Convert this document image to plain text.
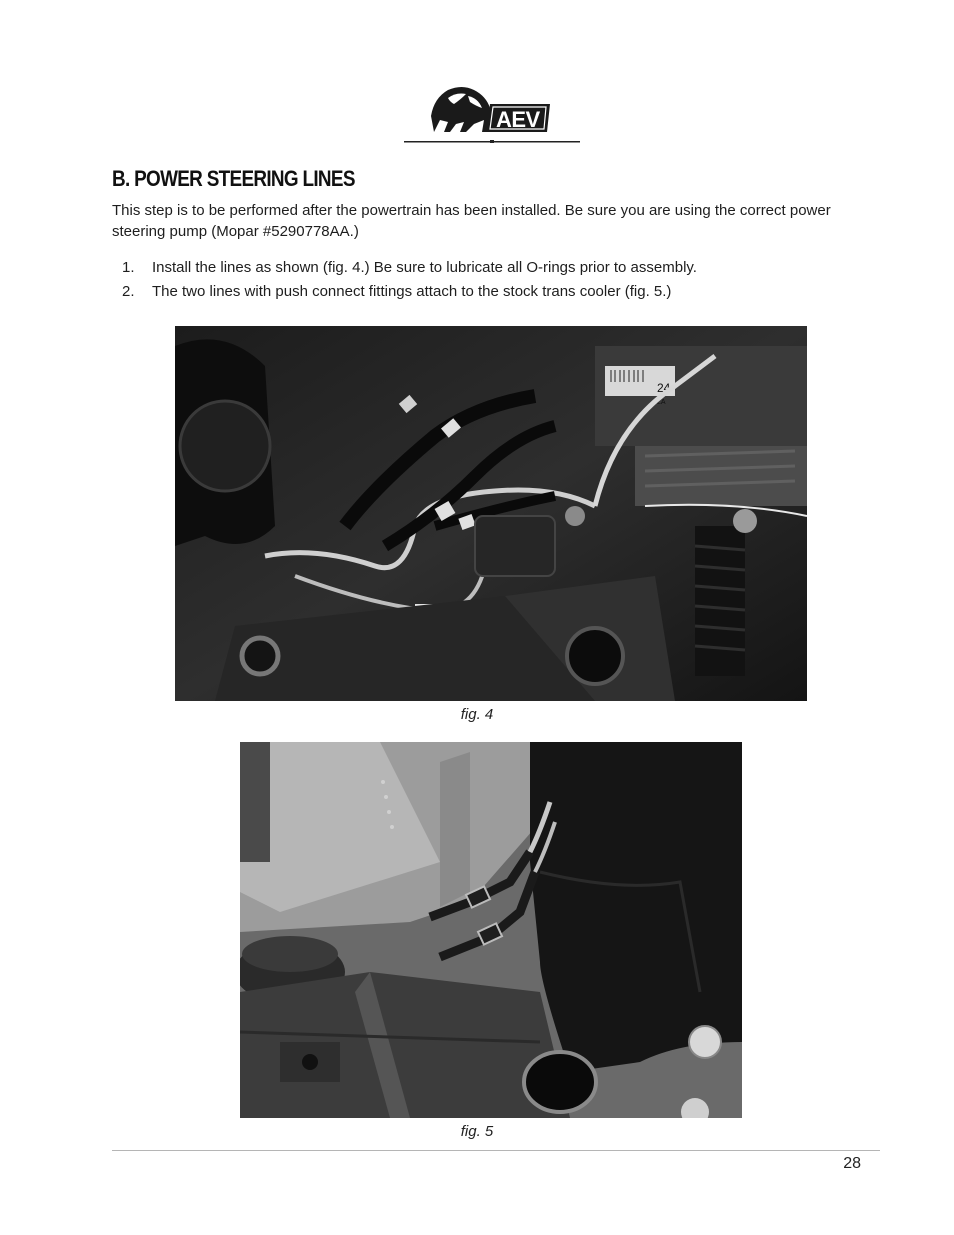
AEV
B. POWER STEERING LINES

This step is to be performed after the powertrain has been installed. Be sure you are using the correct power steering pump (Mopar #5290778AA.)

1. Install the lines as shown (fig. 4.) Be sure to lubricate all O-rings prior to assembly.
2. The two lines with push connect fittings attach to the stock trans cooler (fig. 5.)
24
LA

fig. 4

fig. 5

28
